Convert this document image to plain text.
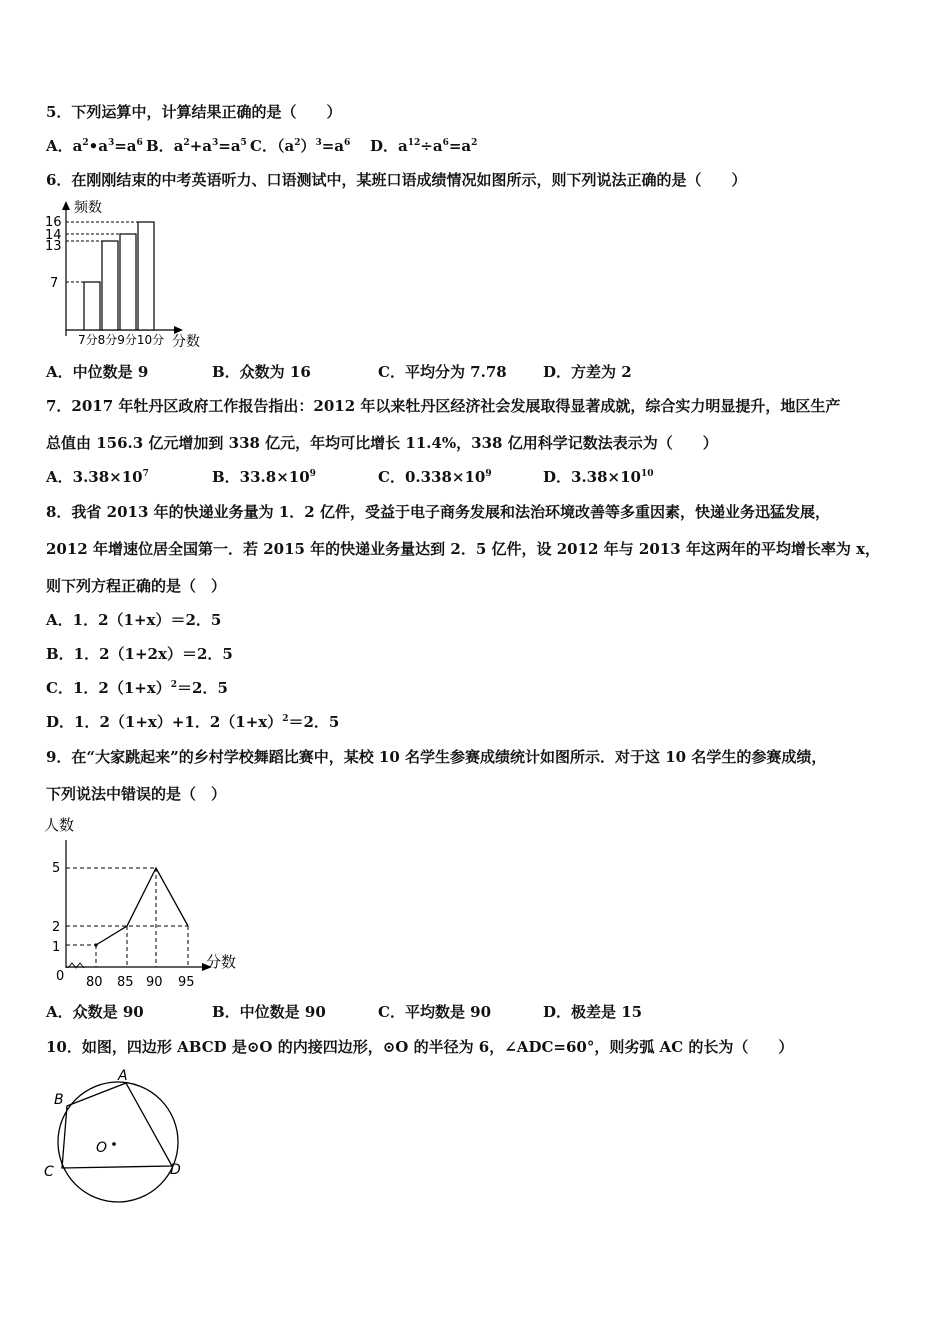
5．下列运算中，计算结果正确的是（　　）
A．$a^2•a^3=a^6$ B．$a^2+a^3=a^5$ C．$(a^2)^3=a^6$ D．$a^{12}\div a^6=a^2$
6．在刚刚结束的中考英语听力、口语测试中，某班口语成绩情况如图所示，则下列说法正确的是（　　）
频数
分数
16
14
13
7
7分8分9分10分
A．中位数是 9	B．众数为 16	C．平均分为 7.78 D．方差为 2
7．2017 年牡丹区政府工作报告指出：2012 年以来牡丹区经济社会发展取得显著成就，综合实力明显提升，地区生产
总值由 156.3 亿元增加到 338 亿元，年均可比增长 11.4%，338 亿用科学记数法表示为（　　）
A．$3.38\times 10^7$	B．$33.8\times 10^9$	C．$0.338\times 10^9$	D．$3.38\times 10^{10}$
8．我省 2013 年的快递业务量为 1．2 亿件，受益于电子商务发展和法治环境改善等多重因素，快递业务迅猛发展，
2012 年增速位居全国第一．若 2015 年的快递业务量达到 2．5 亿件，设 2012 年与 2013 年这两年的平均增长率为 x，
则下列方程正确的是（　）
A．1．2（1+x）＝2．5
B．1．2（1+2x）＝2．5
C．1．$2(1+x)^2=2$．5
D．1．2（1+x）+1．$2(1+x)^2=2$．5
9．在“大家跳起来”的乡村学校舞蹈比赛中，某校 10 名学生参赛成绩统计如图所示．对于这 10 名学生的参赛成绩，
下列说法中错误的是（　）
人数
分数
0
5
2
1
80 85 90 95
A．众数是 90	B．中位数是 90	C．平均数是 90	D．极差是 15
10．如图，四边形 ABCD 是⊙O 的内接四边形，⊙O 的半径为 6，∠ADC=60°，则劣弧 AC 的长为（　　）
A
B
C	D
O
